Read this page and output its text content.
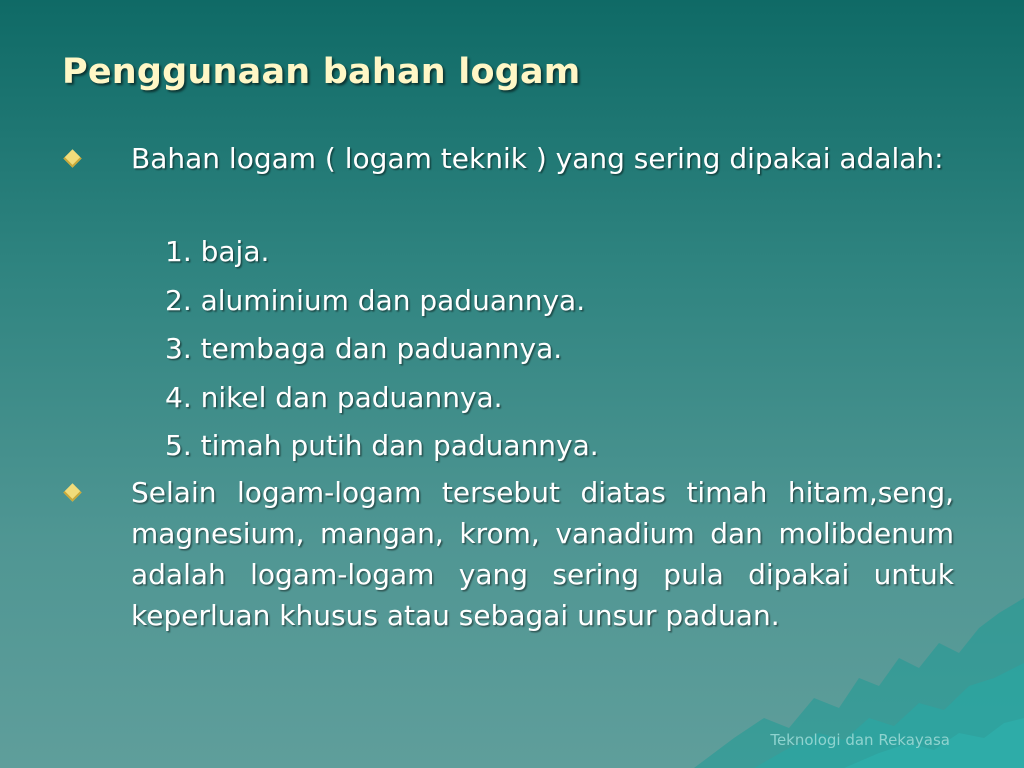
Penggunaan bahan logam
Bahan logam ( logam teknik ) yang sering dipakai adalah:
1. baja.
2. aluminium dan paduannya.
3. tembaga dan paduannya.
4. nikel dan paduannya.
5. timah putih dan paduannya.
Selain logam-logam tersebut diatas timah hitam,seng, magnesium, mangan, krom, vanadium dan molibdenum adalah logam-logam yang sering pula dipakai untuk keperluan khusus atau sebagai unsur paduan.
Teknologi dan Rekayasa
